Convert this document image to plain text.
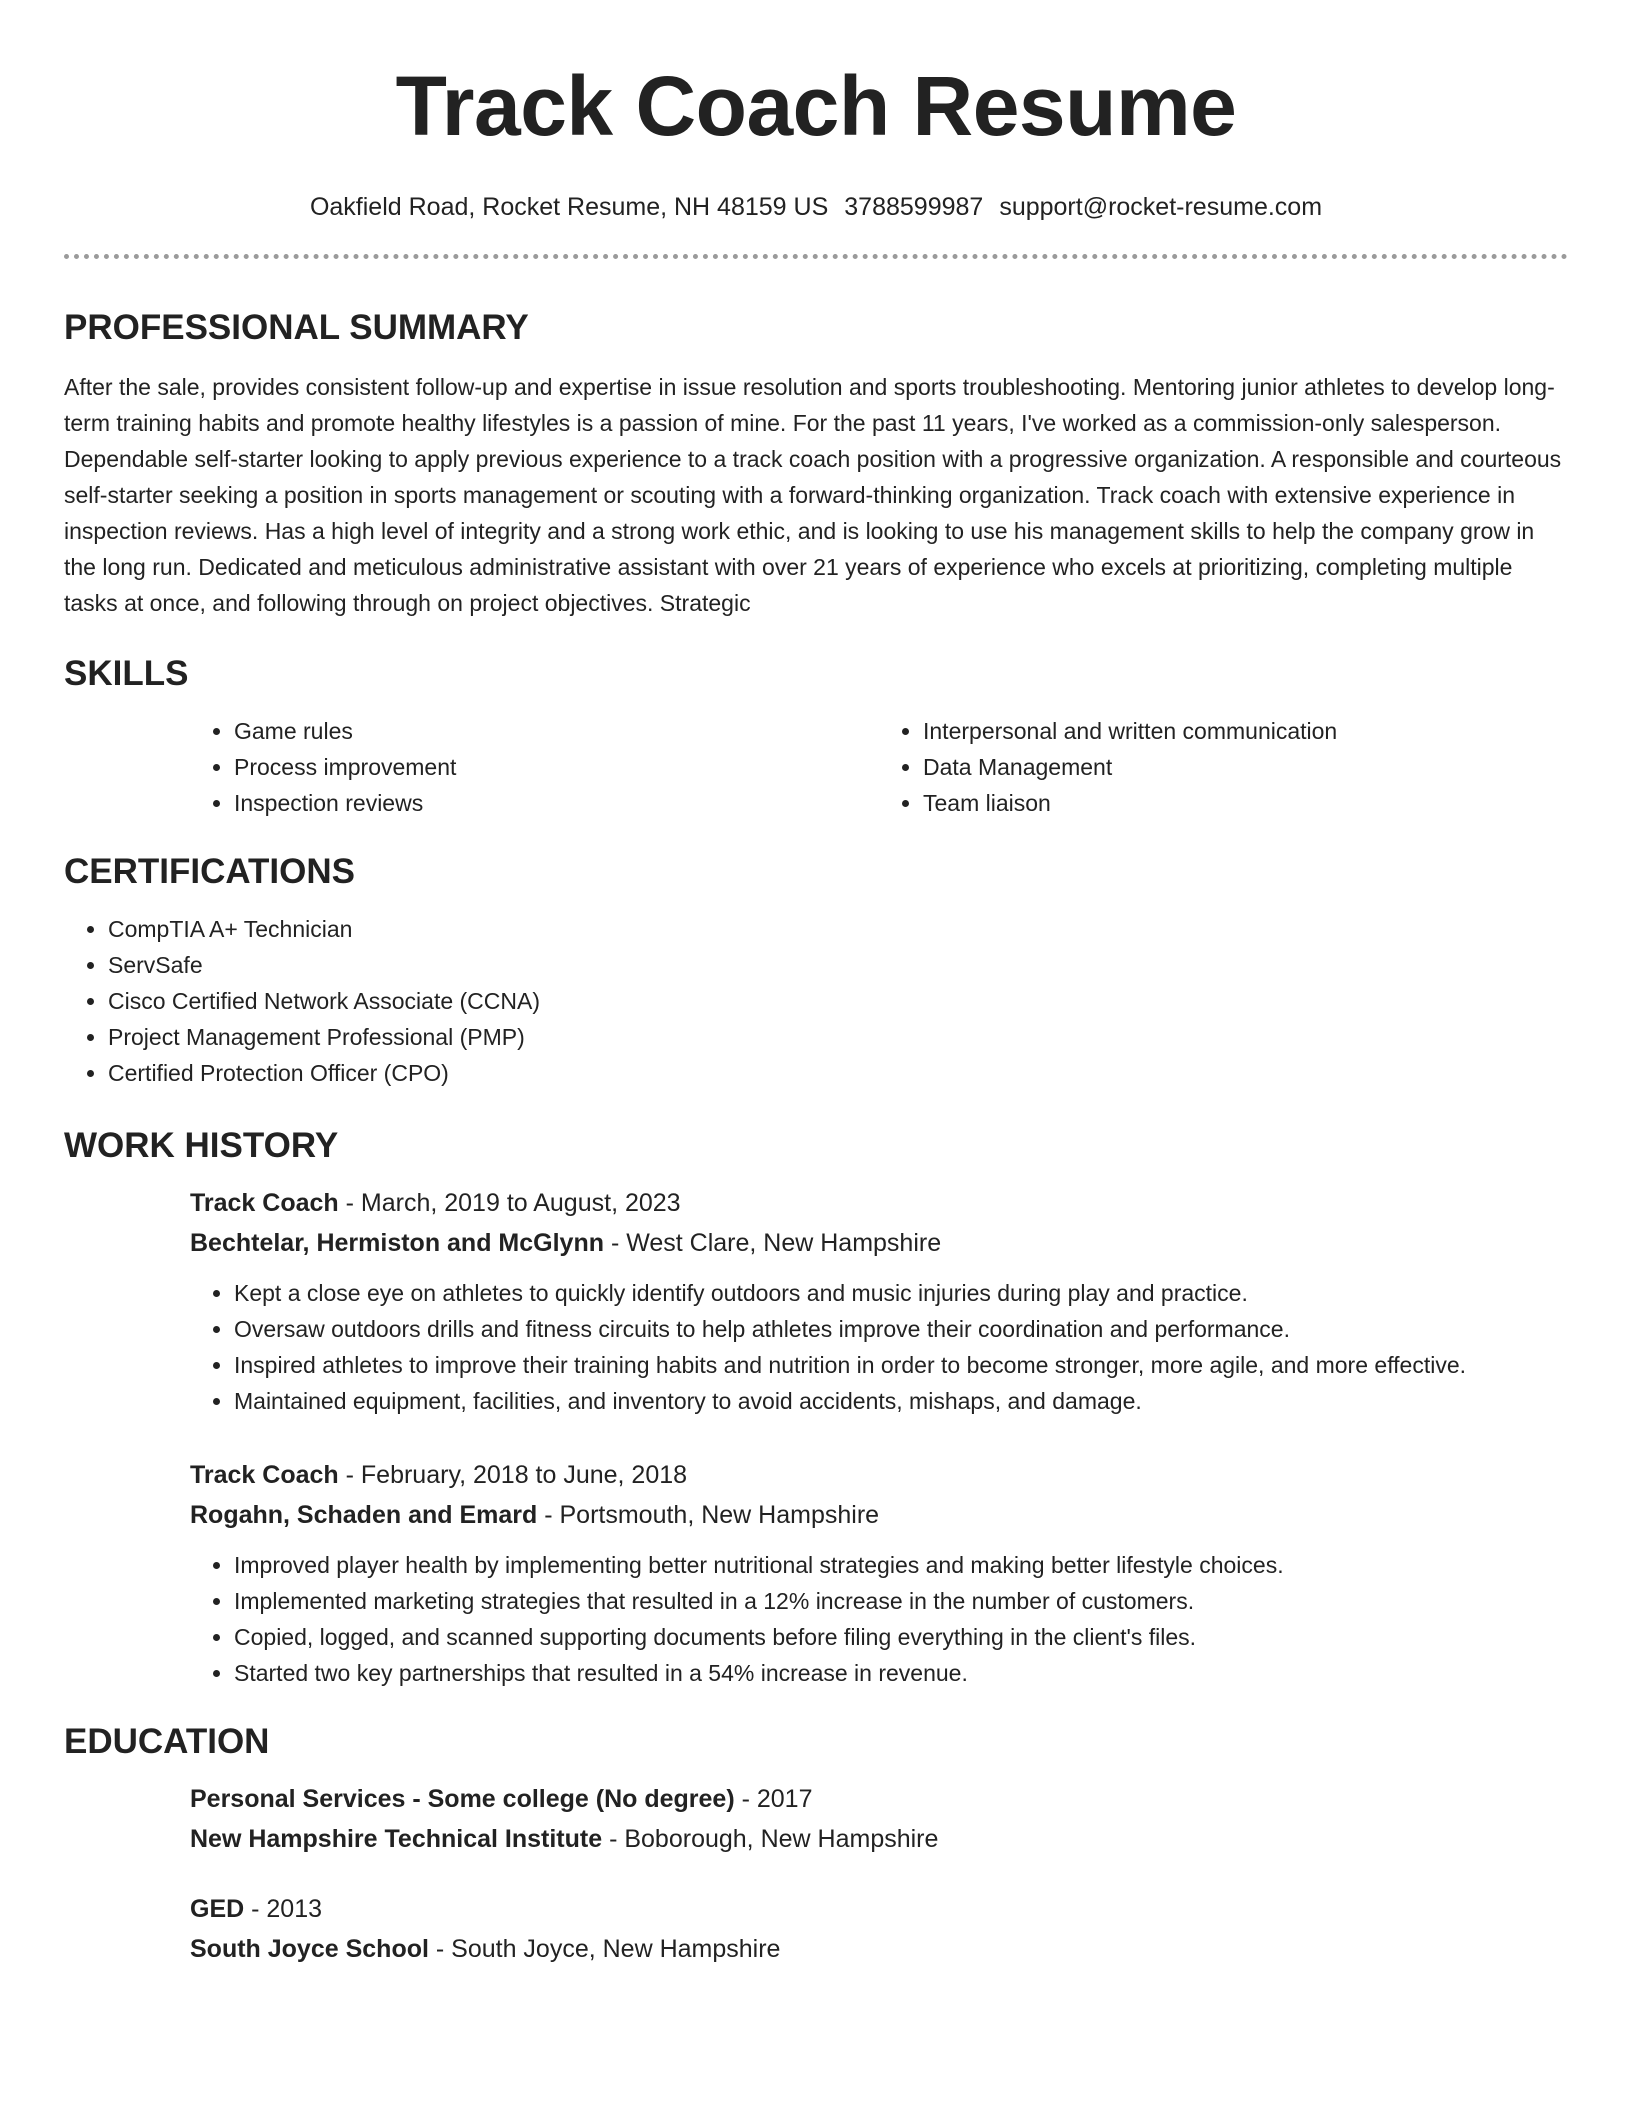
Track Coach Resume
Oakfield Road, Rocket Resume, NH 48159 US 3788599987 support@rocket-resume.com
PROFESSIONAL SUMMARY

After the sale, provides consistent follow-up and expertise in issue resolution and sports troubleshooting. Mentoring junior athletes to develop long-term training habits and promote healthy lifestyles is a passion of mine. For the past 11 years, I've worked as a commission-only salesperson. Dependable self-starter looking to apply previous experience to a track coach position with a progressive organization. A responsible and courteous self-starter seeking a position in sports management or scouting with a forward-thinking organization. Track coach with extensive experience in inspection reviews. Has a high level of integrity and a strong work ethic, and is looking to use his management skills to help the company grow in the long run. Dedicated and meticulous administrative assistant with over 21 years of experience who excels at prioritizing, completing multiple tasks at once, and following through on project objectives. Strategic

SKILLS
• Game rules
• Process improvement
• Inspection reviews
• Interpersonal and written communication
• Data Management
• Team liaison
CERTIFICATIONS
• CompTIA A+ Technician
• ServSafe
• Cisco Certified Network Associate (CCNA)
• Project Management Professional (PMP)
• Certified Protection Officer (CPO)
WORK HISTORY
Track Coach - March, 2019 to August, 2023
Bechtelar, Hermiston and McGlynn - West Clare, New Hampshire
• Kept a close eye on athletes to quickly identify outdoors and music injuries during play and practice.
• Oversaw outdoors drills and fitness circuits to help athletes improve their coordination and performance.
• Inspired athletes to improve their training habits and nutrition in order to become stronger, more agile, and more effective.
• Maintained equipment, facilities, and inventory to avoid accidents, mishaps, and damage.
Track Coach - February, 2018 to June, 2018
Rogahn, Schaden and Emard - Portsmouth, New Hampshire
• Improved player health by implementing better nutritional strategies and making better lifestyle choices.
• Implemented marketing strategies that resulted in a 12% increase in the number of customers.
• Copied, logged, and scanned supporting documents before filing everything in the client's files.
• Started two key partnerships that resulted in a 54% increase in revenue.
EDUCATION
Personal Services - Some college (No degree) - 2017
New Hampshire Technical Institute - Boborough, New Hampshire
GED - 2013
South Joyce School - South Joyce, New Hampshire
